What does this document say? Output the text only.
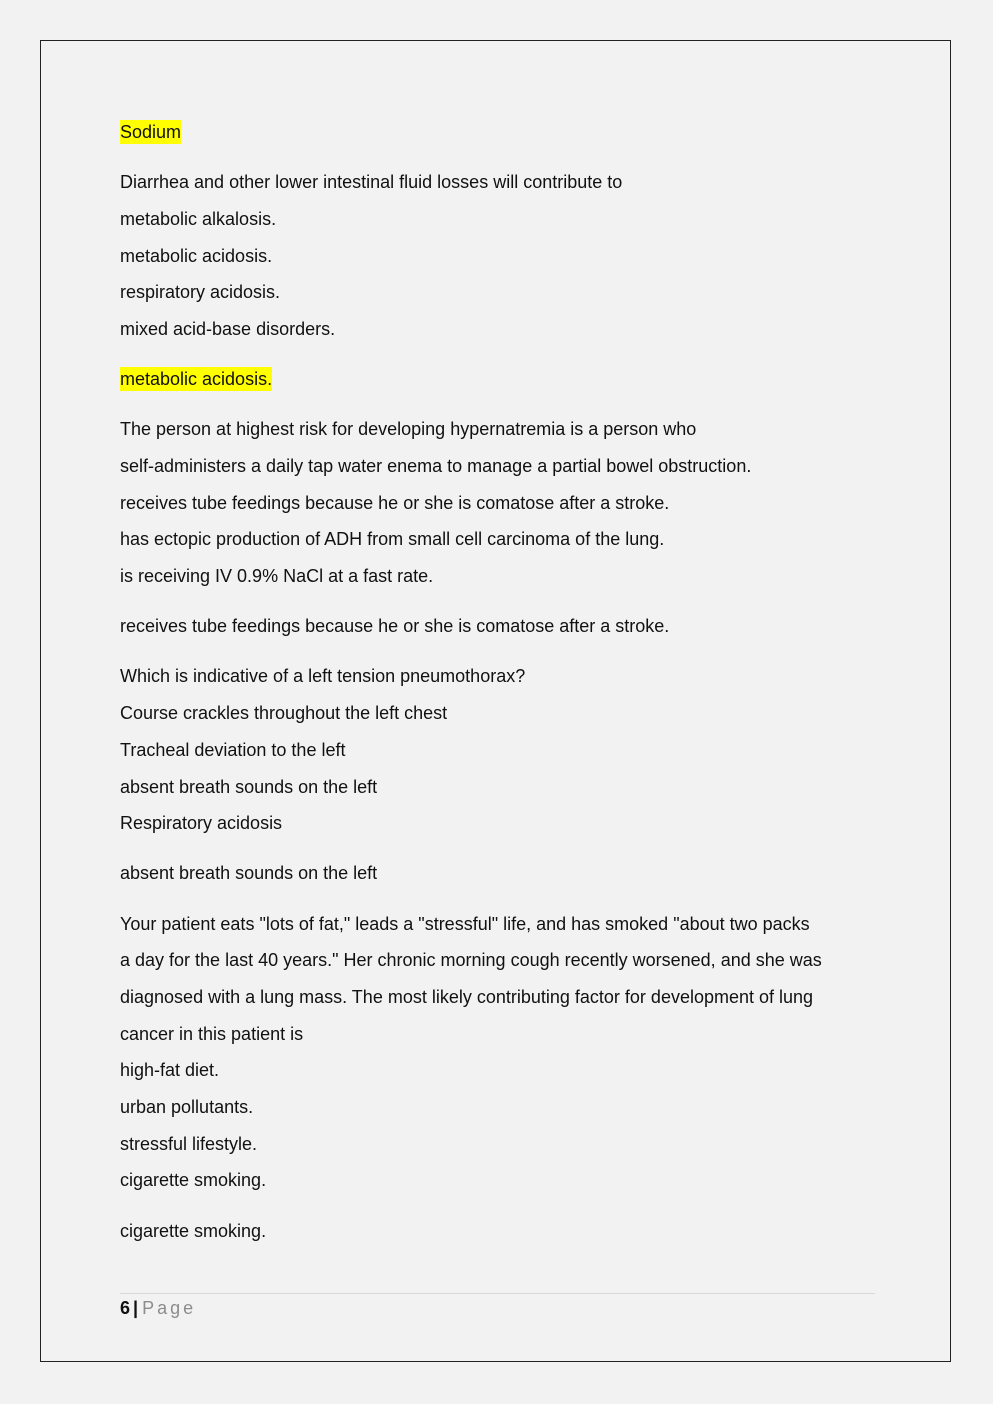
Sodium
Diarrhea and other lower intestinal fluid losses will contribute to
metabolic alkalosis.
metabolic acidosis.
respiratory acidosis.
mixed acid-base disorders.
metabolic acidosis.
The person at highest risk for developing hypernatremia is a person who
self-administers a daily tap water enema to manage a partial bowel obstruction.
receives tube feedings because he or she is comatose after a stroke.
has ectopic production of ADH from small cell carcinoma of the lung.
is receiving IV 0.9% NaCl at a fast rate.
receives tube feedings because he or she is comatose after a stroke.
Which is indicative of a left tension pneumothorax?
Course crackles throughout the left chest
Tracheal deviation to the left
absent breath sounds on the left
Respiratory acidosis
absent breath sounds on the left
Your patient eats "lots of fat," leads a "stressful" life, and has smoked "about two packs
a day for the last 40 years." Her chronic morning cough recently worsened, and she was
diagnosed with a lung mass. The most likely contributing factor for development of lung
cancer in this patient is
high-fat diet.
urban pollutants.
stressful lifestyle.
cigarette smoking.
cigarette smoking.
6 | Page
